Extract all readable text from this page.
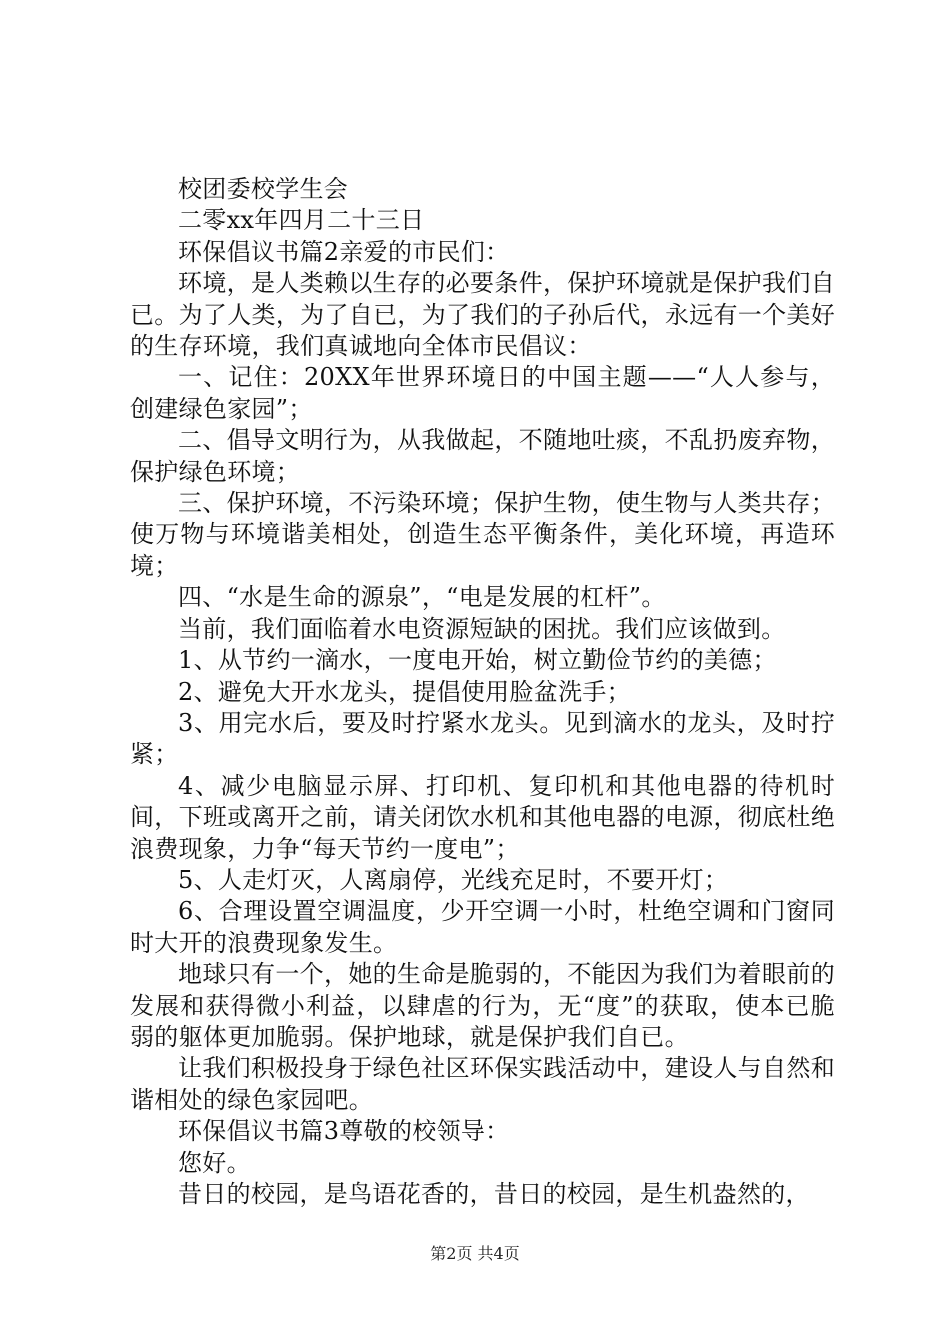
校团委校学生会

二零xx年四月二十三日

环保倡议书篇2亲爱的市民们：

环境，是人类赖以生存的必要条件，保护环境就是保护我们自已。为了人类，为了自已，为了我们的子孙后代，永远有一个美好的生存环境，我们真诚地向全体市民倡议：

一、记住：20XX年世界环境日的中国主题——“人人参与，创建绿色家园”；

二、倡导文明行为，从我做起，不随地吐痰，不乱扔废弃物，保护绿色环境；

三、保护环境，不污染环境；保护生物，使生物与人类共存；使万物与环境谐美相处，创造生态平衡条件，美化环境，再造环境；

四、“水是生命的源泉”，“电是发展的杠杆”。

当前，我们面临着水电资源短缺的困扰。我们应该做到。

1、从节约一滴水，一度电开始，树立勤俭节约的美德；

2、避免大开水龙头，提倡使用脸盆洗手；

3、用完水后，要及时拧紧水龙头。见到滴水的龙头，及时拧紧；

4、减少电脑显示屏、打印机、复印机和其他电器的待机时间，下班或离开之前，请关闭饮水机和其他电器的电源，彻底杜绝浪费现象，力争“每天节约一度电”；

5、人走灯灭，人离扇停，光线充足时，不要开灯；

6、合理设置空调温度，少开空调一小时，杜绝空调和门窗同时大开的浪费现象发生。

地球只有一个，她的生命是脆弱的，不能因为我们为着眼前的发展和获得微小利益，以肆虐的行为，无“度”的获取，使本已脆弱的躯体更加脆弱。保护地球，就是保护我们自已。

让我们积极投身于绿色社区环保实践活动中，建设人与自然和谐相处的绿色家园吧。

环保倡议书篇3尊敬的校领导：

您好。

昔日的校园，是鸟语花香的，昔日的校园，是生机盎然的，

第2页 共4页
